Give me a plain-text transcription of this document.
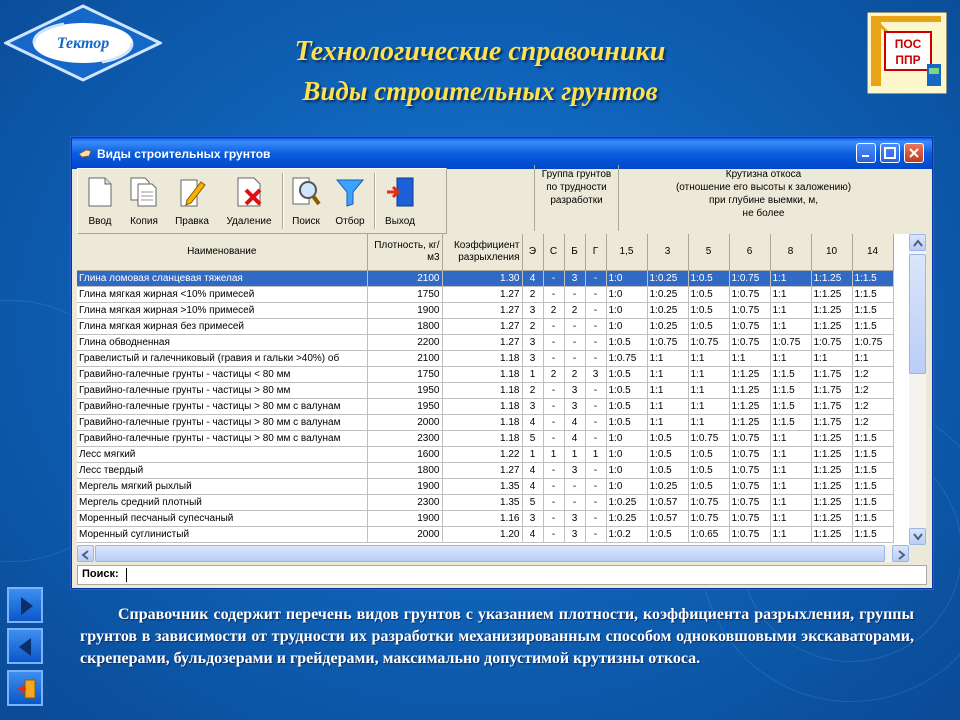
Тектор	ПОС
ППР
Технологические справочники
Виды строительных грунтов
Виды строительных грунтов
Ввод	Копия	Правка	Удаление	Поиск	Отбор	Выход
Группа грунтов по трудности разработки
Крутизна откоса
(отношение его высоты к заложению)
при глубине выемки, м,
не более
Наименование	Плотность, кг/м3	Коэффициент разрыхления	Э	С	Б	Г	1,5	3	5	6	8	10	14
Глина ломовая сланцевая тяжелая	2100	1.30	4	-	3	-	1:0	1:0.25	1:0.5	1:0.75	1:1	1:1.25	1:1.5
Глина мягкая жирная <10% примесей	1750	1.27	2	-	-	-	1:0	1:0.25	1:0.5	1:0.75	1:1	1:1.25	1:1.5
Глина мягкая жирная >10% примесей	1900	1.27	3	2	2	-	1:0	1:0.25	1:0.5	1:0.75	1:1	1:1.25	1:1.5
Глина мягкая жирная без примесей	1800	1.27	2	-	-	-	1:0	1:0.25	1:0.5	1:0.75	1:1	1:1.25	1:1.5
Глина обводненная	2200	1.27	3	-	-	-	1:0.5	1:0.75	1:0.75	1:0.75	1:0.75	1:0.75	1:0.75
Гравелистый и галечниковый (гравия и гальки >40%) об	2100	1.18	3	-	-	-	1:0.75	1:1	1:1	1:1	1:1	1:1	1:1
Гравийно-галечные грунты - частицы < 80 мм	1750	1.18	1	2	2	3	1:0.5	1:1	1:1	1:1.25	1:1.5	1:1.75	1:2
Гравийно-галечные грунты - частицы > 80 мм	1950	1.18	2	-	3	-	1:0.5	1:1	1:1	1:1.25	1:1.5	1:1.75	1:2
Гравийно-галечные грунты - частицы > 80 мм с валунам	1950	1.18	3	-	3	-	1:0.5	1:1	1:1	1:1.25	1:1.5	1:1.75	1:2
Гравийно-галечные грунты - частицы > 80 мм с валунам	2000	1.18	4	-	4	-	1:0.5	1:1	1:1	1:1.25	1:1.5	1:1.75	1:2
Гравийно-галечные грунты - частицы > 80 мм с валунам	2300	1.18	5	-	4	-	1:0	1:0.5	1:0.75	1:0.75	1:1	1:1.25	1:1.5
Лесс мягкий	1600	1.22	1	1	1	1	1:0	1:0.5	1:0.5	1:0.75	1:1	1:1.25	1:1.5
Лесс твердый	1800	1.27	4	-	3	-	1:0	1:0.5	1:0.5	1:0.75	1:1	1:1.25	1:1.5
Мергель мягкий рыхлый	1900	1.35	4	-	-	-	1:0	1:0.25	1:0.5	1:0.75	1:1	1:1.25	1:1.5
Мергель средний плотный	2300	1.35	5	-	-	-	1:0.25	1:0.57	1:0.75	1:0.75	1:1	1:1.25	1:1.5
Моренный песчаный супесчаный	1900	1.16	3	-	3	-	1:0.25	1:0.57	1:0.75	1:0.75	1:1	1:1.25	1:1.5
Моренный суглинистый	2000	1.20	4	-	3	-	1:0.2	1:0.5	1:0.65	1:0.75	1:1	1:1.25	1:1.5
Поиск:
Справочник содержит перечень видов грунтов с указанием плотности, коэффициента разрыхления, группы грунтов в зависимости от трудности их разработки механизированным способом одноковшовыми экскаваторами, скреперами, бульдозерами и грейдерами, максимально допустимой крутизны откоса.
